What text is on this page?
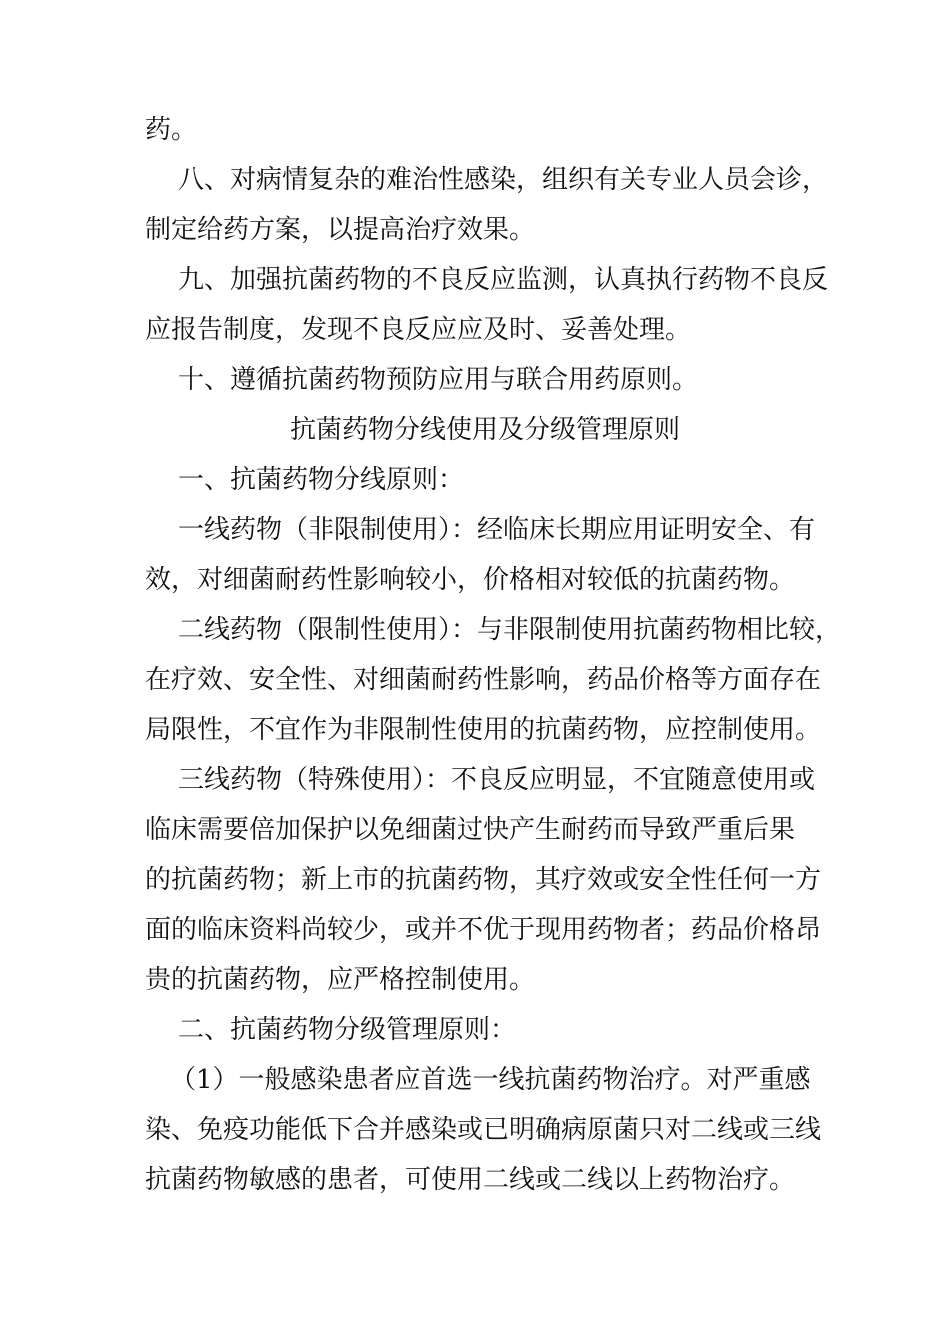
药。

八、对病情复杂的难治性感染，组织有关专业人员会诊，

制定给药方案，以提高治疗效果。

九、加强抗菌药物的不良反应监测，认真执行药物不良反

应报告制度，发现不良反应应及时、妥善处理。

十、遵循抗菌药物预防应用与联合用药原则。

抗菌药物分线使用及分级管理原则

一、抗菌药物分线原则：

一线药物（非限制使用）：经临床长期应用证明安全、有

效，对细菌耐药性影响较小，价格相对较低的抗菌药物。

二线药物（限制性使用）：与非限制使用抗菌药物相比较，

在疗效、安全性、对细菌耐药性影响，药品价格等方面存在

局限性，不宜作为非限制性使用的抗菌药物，应控制使用。

三线药物（特殊使用）：不良反应明显，不宜随意使用或

临床需要倍加保护以免细菌过快产生耐药而导致严重后果

的抗菌药物；新上市的抗菌药物，其疗效或安全性任何一方

面的临床资料尚较少，或并不优于现用药物者；药品价格昂

贵的抗菌药物，应严格控制使用。

二、抗菌药物分级管理原则：

（1）一般感染患者应首选一线抗菌药物治疗。对严重感

染、免疫功能低下合并感染或已明确病原菌只对二线或三线

抗菌药物敏感的患者，可使用二线或二线以上药物治疗。
